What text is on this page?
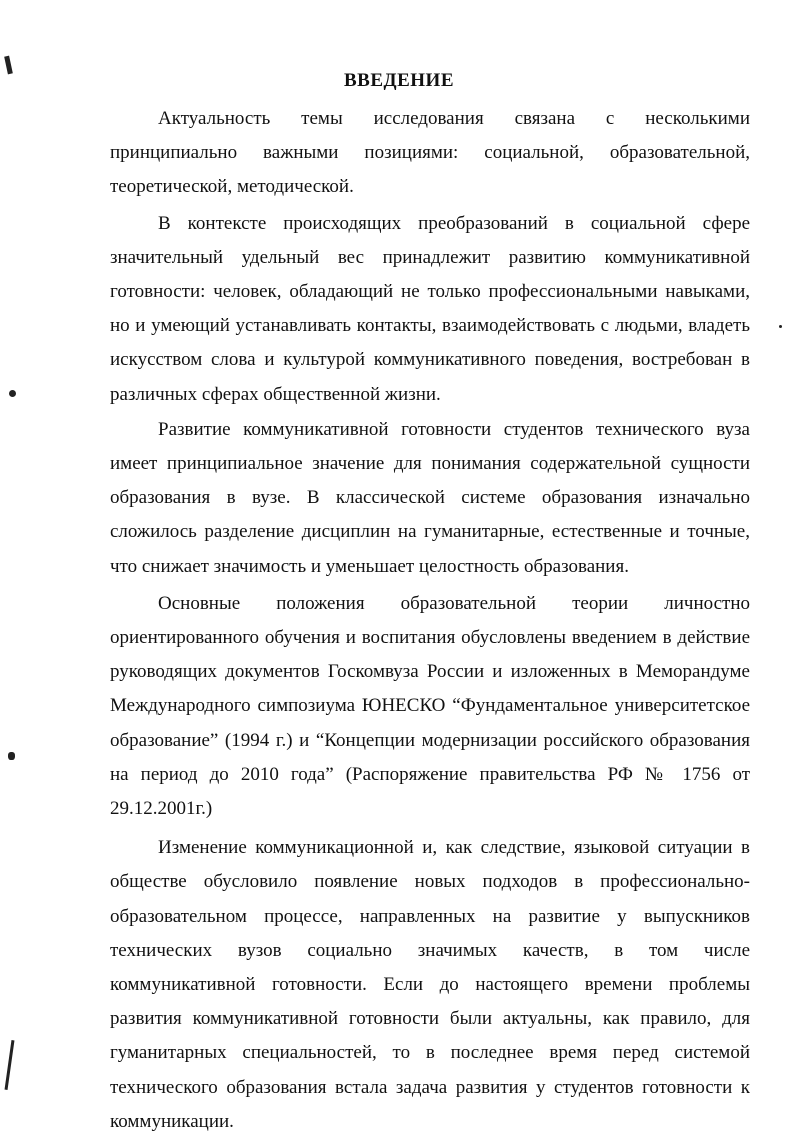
ВВЕДЕНИЕ

Актуальность темы исследования связана с несколькими принципиально важными позициями: социальной, образовательной, теоретической, методической.

В контексте происходящих преобразований в социальной сфере значительный удельный вес принадлежит развитию коммуникативной готовности: человек, обладающий не только профессиональными навыками, но и умеющий устанавливать контакты, взаимодействовать с людьми, владеть искусством слова и культурой коммуникативного поведения, востребован в различных сферах общественной жизни.

Развитие коммуникативной готовности студентов технического вуза имеет принципиальное значение для понимания содержательной сущности образования в вузе. В классической системе образования изначально сложилось разделение дисциплин на гуманитарные, естественные и точные, что снижает значимость и уменьшает целостность образования.

Основные положения образовательной теории личностно ориентированного обучения и воспитания обусловлены введением в действие руководящих документов Госкомвуза России и изложенных в Меморандуме Международного симпозиума ЮНЕСКО “Фундаментальное университетское образование” (1994 г.) и “Концепции модернизации российского образования на период до 2010 года” (Распоряжение правительства РФ № 1756 от 29.12.2001г.)

Изменение коммуникационной и, как следствие, языковой ситуации в обществе обусловило появление новых подходов в профессионально-образовательном процессе, направленных на развитие у выпускников технических вузов социально значимых качеств, в том числе коммуникативной готовности. Если до настоящего времени проблемы развития коммуникативной готовности были актуальны, как правило, для гуманитарных специальностей, то в последнее время перед системой технического образования встала задача развития у студентов готовности к коммуникации.
